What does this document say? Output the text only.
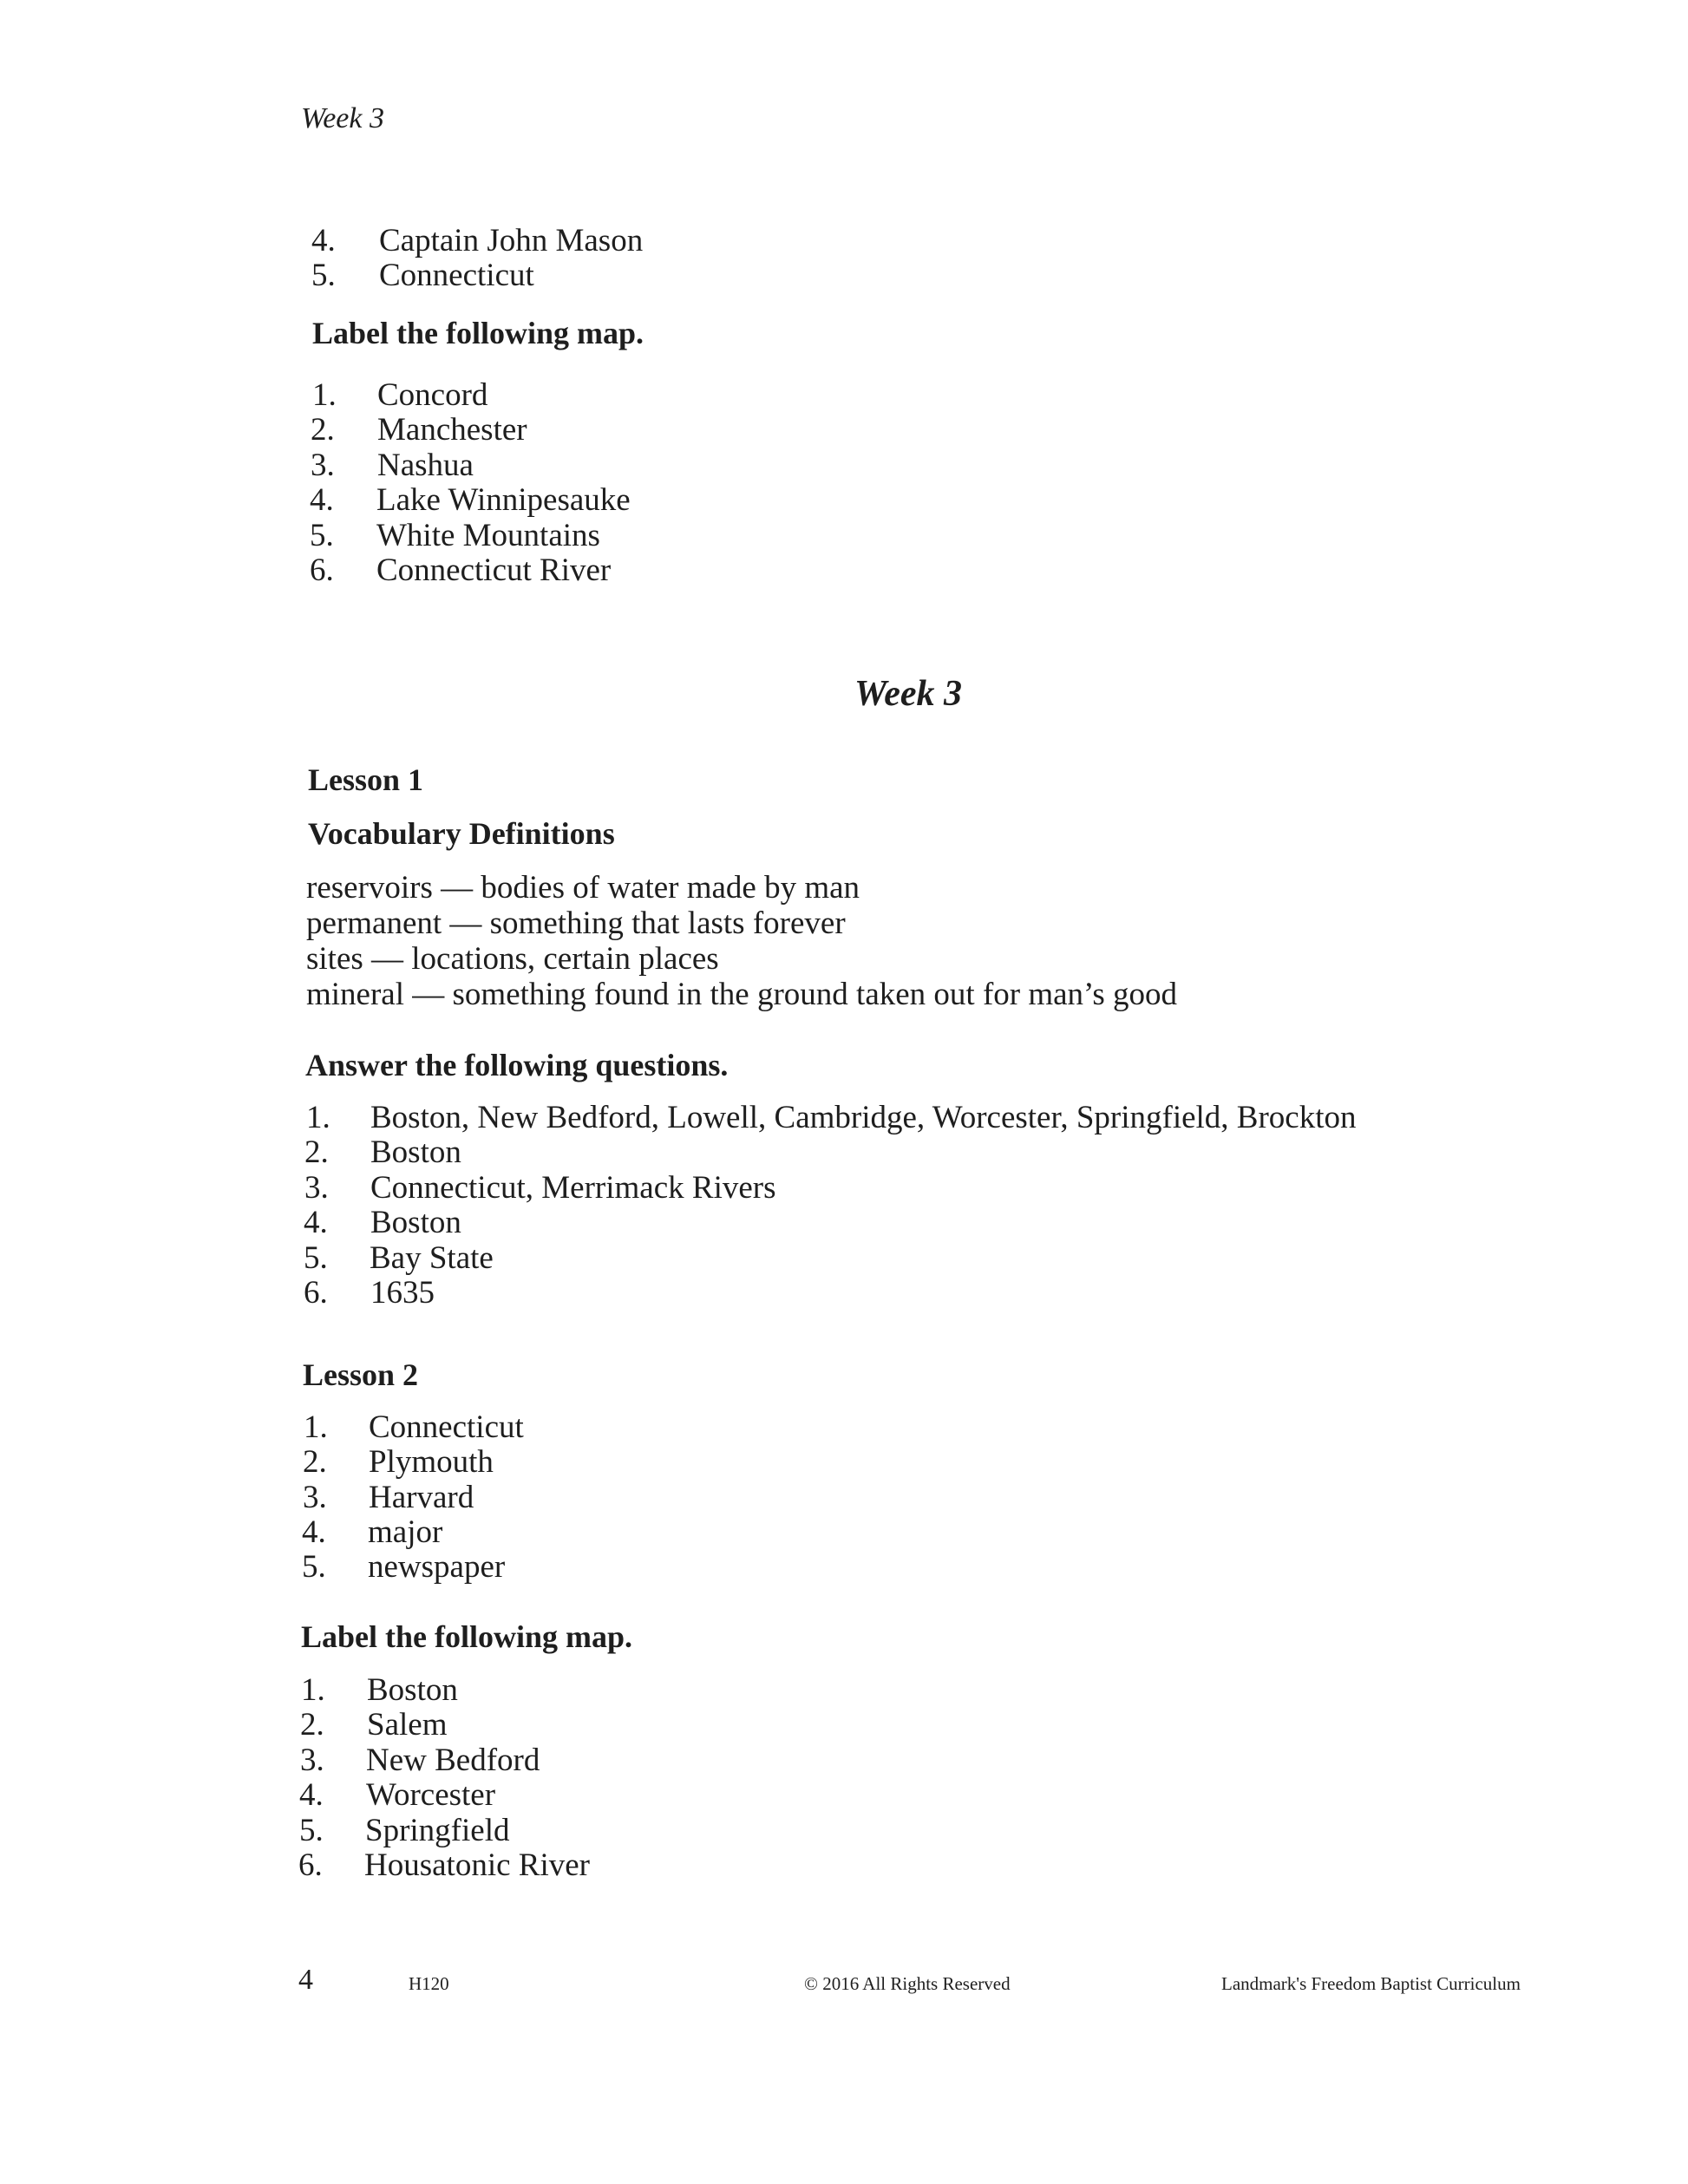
Week 3
4. Captain John Mason
5. Connecticut
Label the following map.
1. Concord
2. Manchester
3. Nashua
4. Lake Winnipesauke
5. White Mountains
6. Connecticut River
Week 3
Lesson 1
Vocabulary Definitions
reservoirs — bodies of water made by man
permanent — something that lasts forever
sites — locations, certain places
mineral — something found in the ground taken out for man’s good
Answer the following questions.
1. Boston, New Bedford, Lowell, Cambridge, Worcester, Springfield, Brockton
2. Boston
3. Connecticut, Merrimack Rivers
4. Boston
5. Bay State
6. 1635
Lesson 2
1. Connecticut
2. Plymouth
3. Harvard
4. major
5. newspaper
Label the following map.
1. Boston
2. Salem
3. New Bedford
4. Worcester
5. Springfield
6. Housatonic River
4	H120	© 2016 All Rights Reserved	Landmark's Freedom Baptist Curriculum
